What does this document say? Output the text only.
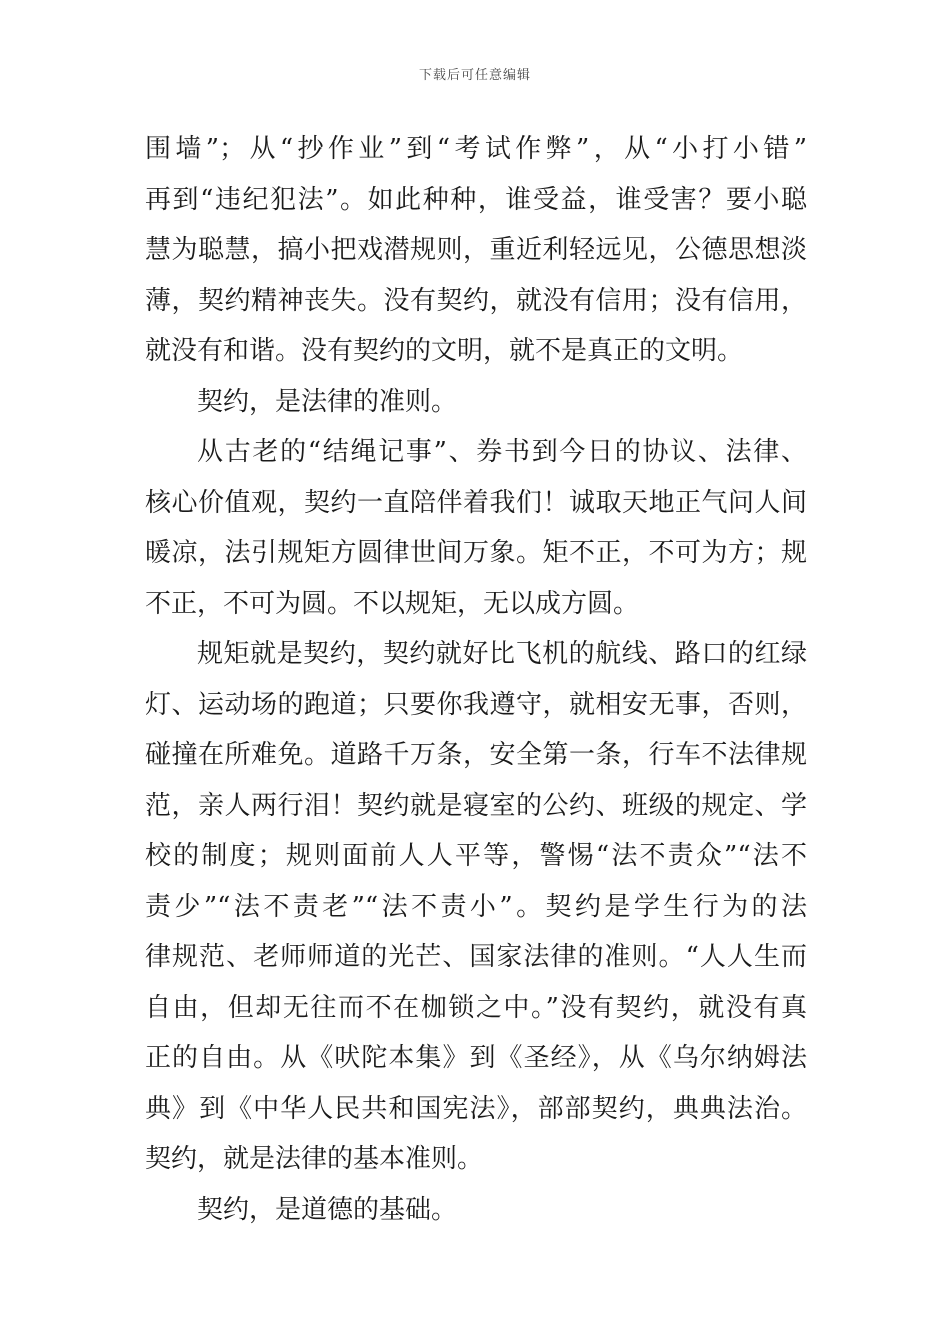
下载后可任意编辑
围墙”；从“抄作业”到“考试作弊”，从“小打小错”
再到“违纪犯法”。如此种种，谁受益，谁受害？要小聪
慧为聪慧，搞小把戏潜规则，重近利轻远见，公德思想淡
薄，契约精神丧失。没有契约，就没有信用；没有信用，
就没有和谐。没有契约的文明，就不是真正的文明。
契约，是法律的准则。
从古老的“结绳记事”、券书到今日的协议、法律、
核心价值观，契约一直陪伴着我们！诚取天地正气问人间
暖凉，法引规矩方圆律世间万象。矩不正，不可为方；规
不正，不可为圆。不以规矩，无以成方圆。
规矩就是契约，契约就好比飞机的航线、路口的红绿
灯、运动场的跑道；只要你我遵守，就相安无事，否则，
碰撞在所难免。道路千万条，安全第一条，行车不法律规
范，亲人两行泪！契约就是寝室的公约、班级的规定、学
校的制度；规则面前人人平等，警惕“法不责众”“法不
责少”“法不责老”“法不责小”。契约是学生行为的法
律规范、老师师道的光芒、国家法律的准则。“人人生而
自由，但却无往而不在枷锁之中。”没有契约，就没有真
正的自由。从《吠陀本集》到《圣经》，从《乌尔纳姆法
典》到《中华人民共和国宪法》，部部契约，典典法治。
契约，就是法律的基本准则。
契约，是道德的基础。
